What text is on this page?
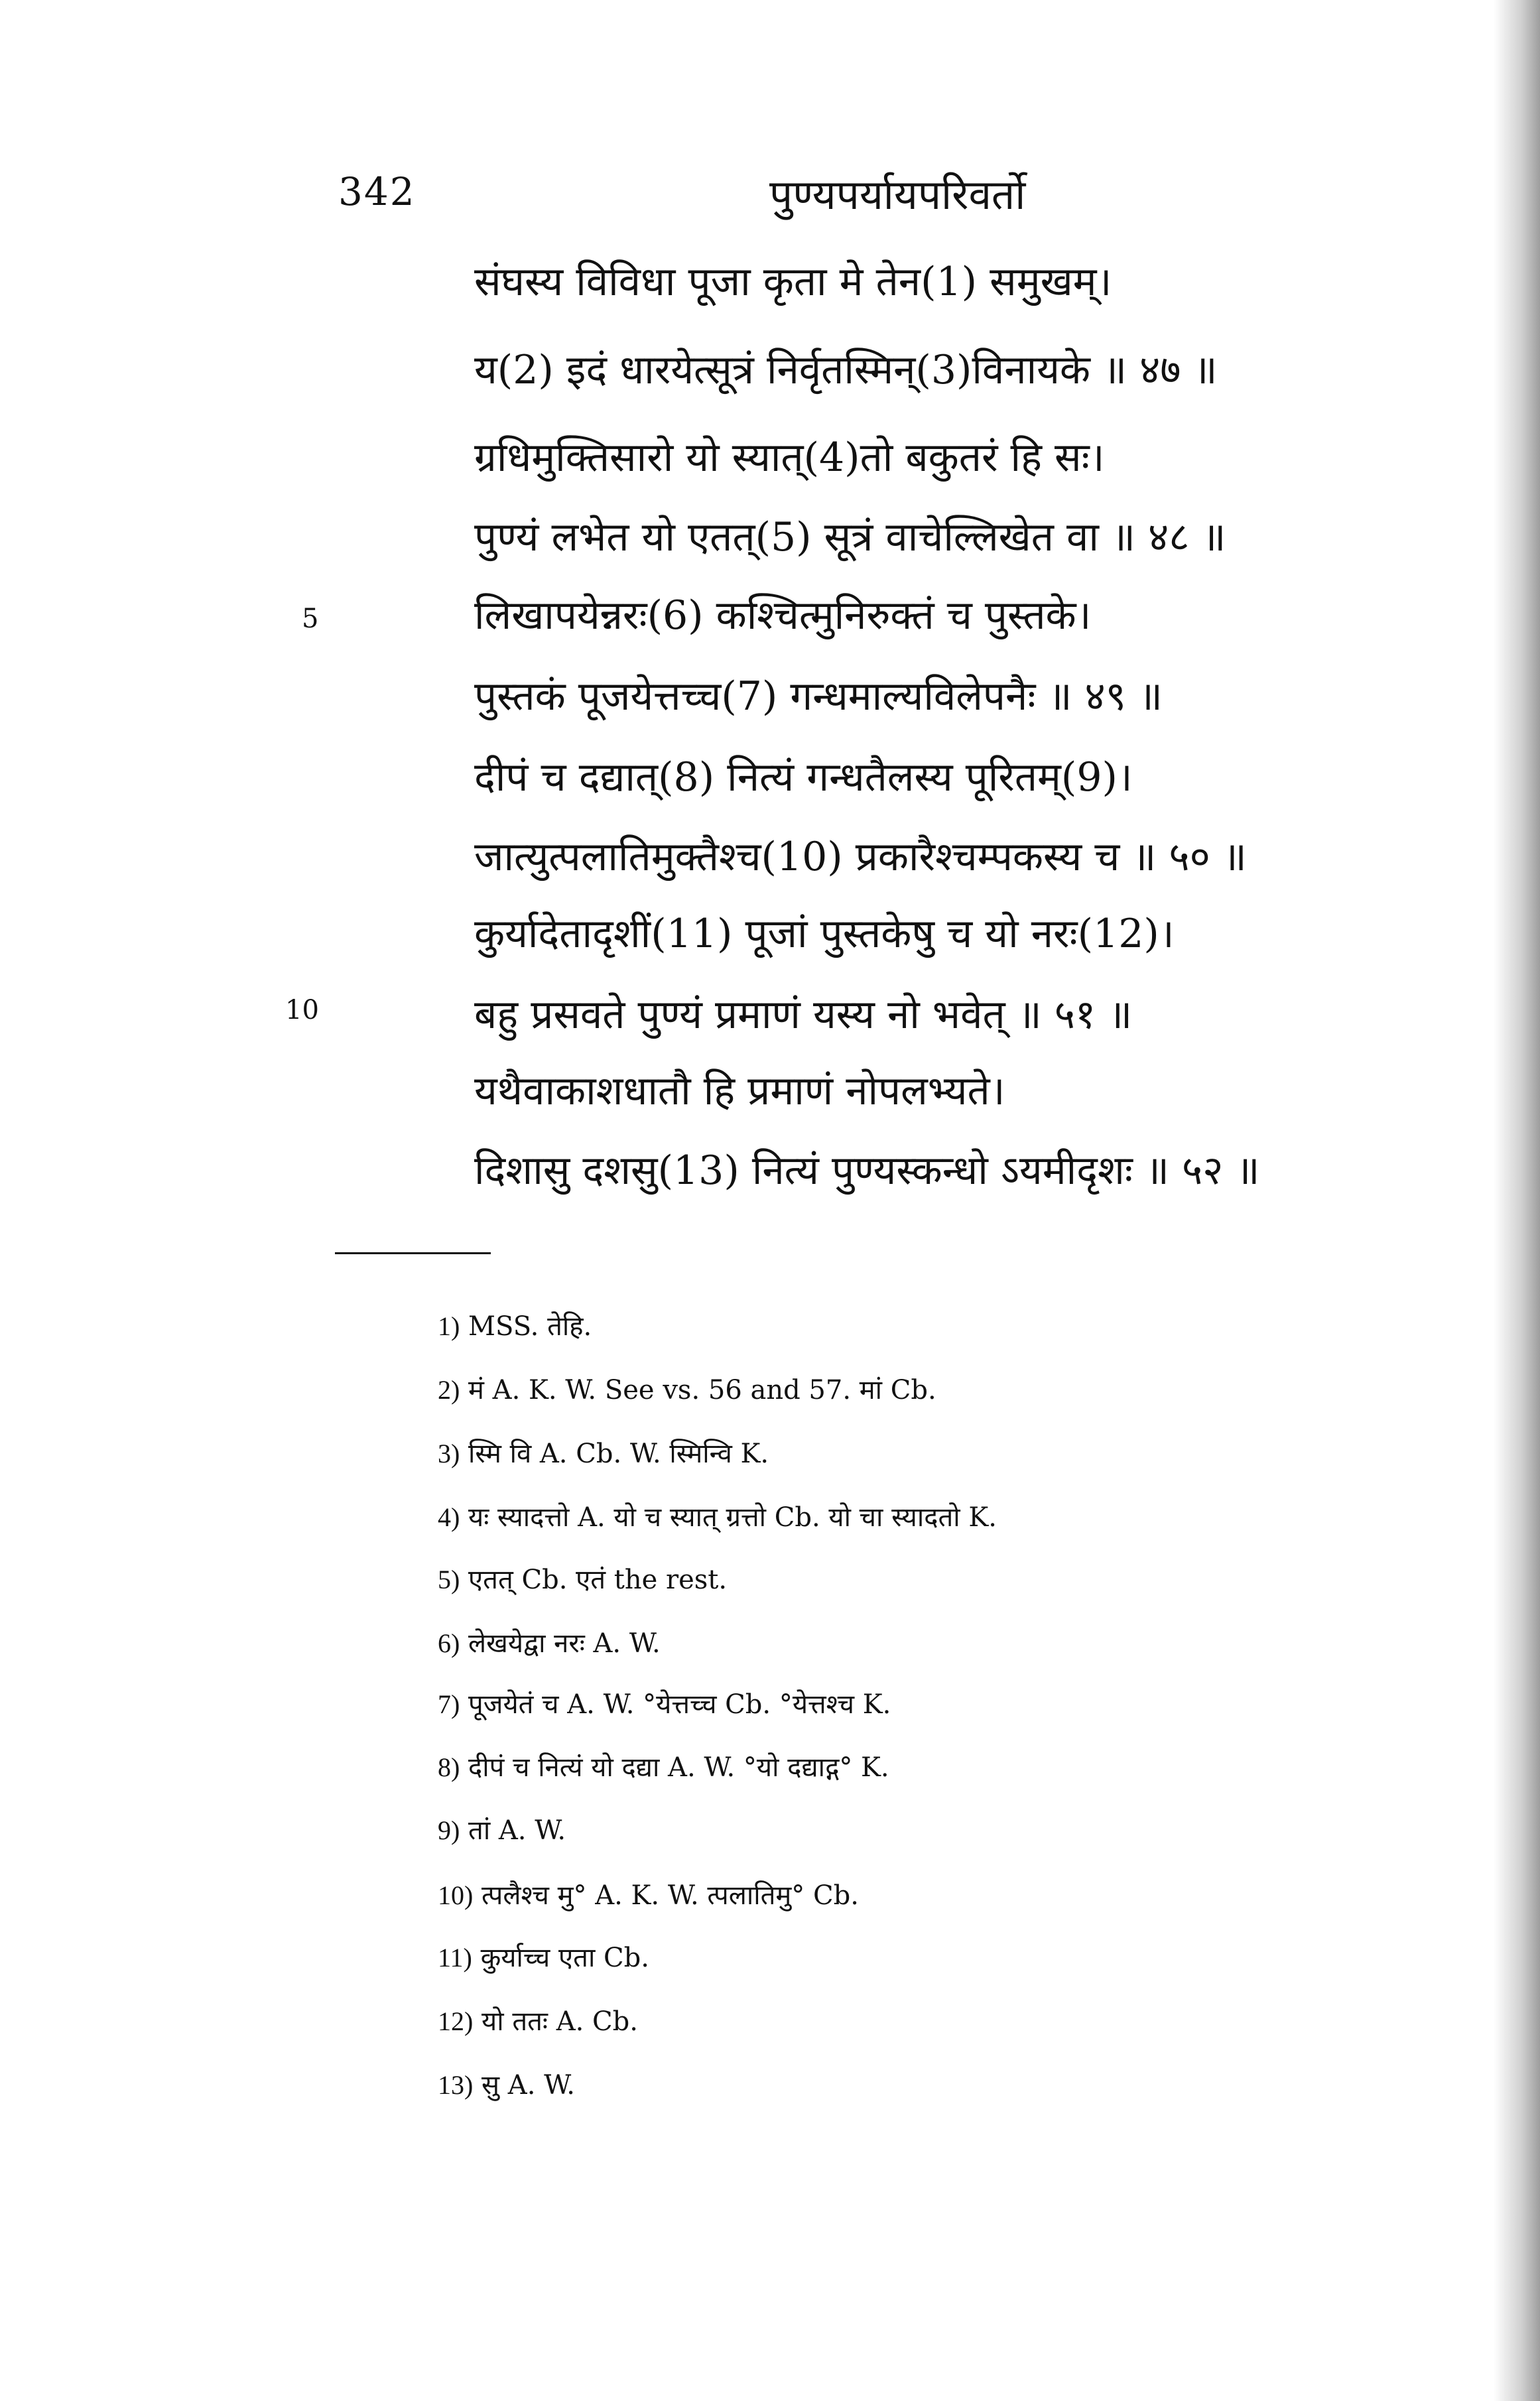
342	पुण्यपर्यायपरिवर्तो
संघस्य विविधा पूजा कृता मे तेन(1) समुखम्।
य(2) इदं धारयेत्सूत्रं निर्वृतस्मिन्(3)विनायके ॥ ४७ ॥
ग्रधिमुक्तिसारो यो स्यात्(4)तो बकुतरं हि सः।
पुण्यं लभेत यो एतत्(5) सूत्रं वाचेल्लिखेत वा ॥ ४८ ॥
लिखापयेन्नरः(6) कश्चित्मुनिरुक्तं च पुस्तके।
पुस्तकं पूजयेत्तच्च(7) गन्धमाल्यविलेपनैः ॥ ४९ ॥
दीपं च दद्यात्(8) नित्यं गन्धतैलस्य पूरितम्(9)।
जात्युत्पलातिमुक्तैश्च(10) प्रकारैश्चम्पकस्य च ॥ ५० ॥
कुर्यादेतादृशीं(11) पूजां पुस्तकेषु च यो नरः(12)।
बहु प्रसवते पुण्यं प्रमाणं यस्य नो भवेत् ॥ ५१ ॥
यथैवाकाशधातौ हि प्रमाणं नोपलभ्यते।
दिशासु दशसु(13) नित्यं पुण्यस्कन्धो ऽयमीदृशः ॥ ५२ ॥
5
10
1) MSS. तेहि.
2) मं A. K. W. See vs. 56 and 57. मां Cb.
3) स्मि वि A. Cb. W. स्मिन्वि K.
4) यः स्यादत्तो A. यो च स्यात् ग्रत्तो Cb. यो चा स्यादतो K.
5) एतत् Cb. एतं the rest.
6) लेखयेद्वा नरः A. W.
7) पूजयेतं च A. W. °येत्तच्च Cb. °येत्तश्च K.
8) दीपं च नित्यं यो दद्या A. W. °यो दद्याद्ग° K.
9) तां A. W.
10) त्पलैश्च मु° A. K. W. त्पलातिमु° Cb.
11) कुर्याच्च एता Cb.
12) यो ततः A. Cb.
13) सु A. W.
